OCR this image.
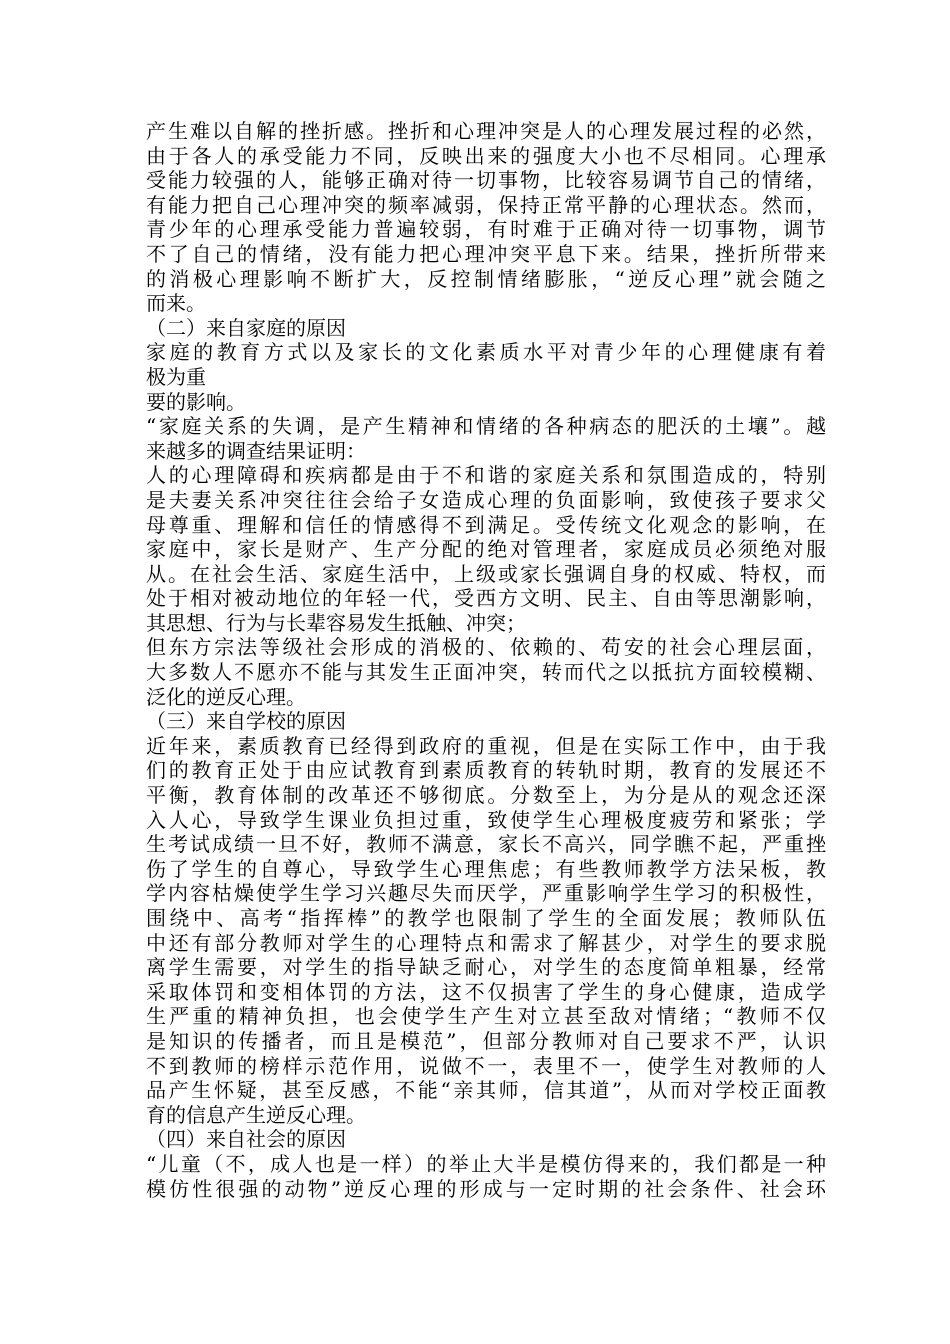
产生难以自解的挫折感。挫折和心理冲突是人的心理发展过程的必然，
由于各人的承受能力不同，反映出来的强度大小也不尽相同。心理承
受能力较强的人，能够正确对待一切事物，比较容易调节自己的情绪，
有能力把自己心理冲突的频率减弱，保持正常平静的心理状态。然而，
青少年的心理承受能力普遍较弱，有时难于正确对待一切事物，调节
不了自己的情绪，没有能力把心理冲突平息下来。结果，挫折所带来
的消极心理影响不断扩大，反控制情绪膨胀，“逆反心理”就会随之
而来。
（二）来自家庭的原因
家庭的教育方式以及家长的文化素质水平对青少年的心理健康有着
极为重
要的影响。
“家庭关系的失调，是产生精神和情绪的各种病态的肥沃的土壤”。越
来越多的调查结果证明：
人的心理障碍和疾病都是由于不和谐的家庭关系和氛围造成的，特别
是夫妻关系冲突往往会给子女造成心理的负面影响，致使孩子要求父
母尊重、理解和信任的情感得不到满足。受传统文化观念的影响，在
家庭中，家长是财产、生产分配的绝对管理者，家庭成员必须绝对服
从。在社会生活、家庭生活中，上级或家长强调自身的权威、特权，而
处于相对被动地位的年轻一代，受西方文明、民主、自由等思潮影响，
其思想、行为与长辈容易发生抵触、冲突；
但东方宗法等级社会形成的消极的、依赖的、苟安的社会心理层面，
大多数人不愿亦不能与其发生正面冲突，转而代之以抵抗方面较模糊、
泛化的逆反心理。
（三）来自学校的原因
近年来，素质教育已经得到政府的重视，但是在实际工作中，由于我
们的教育正处于由应试教育到素质教育的转轨时期，教育的发展还不
平衡，教育体制的改革还不够彻底。分数至上，为分是从的观念还深
入人心，导致学生课业负担过重，致使学生心理极度疲劳和紧张；学
生考试成绩一旦不好，教师不满意，家长不高兴，同学瞧不起，严重挫
伤了学生的自尊心，导致学生心理焦虑；有些教师教学方法呆板，教
学内容枯燥使学生学习兴趣尽失而厌学，严重影响学生学习的积极性，
围绕中、高考“指挥棒”的教学也限制了学生的全面发展；教师队伍
中还有部分教师对学生的心理特点和需求了解甚少，对学生的要求脱
离学生需要，对学生的指导缺乏耐心，对学生的态度简单粗暴，经常
采取体罚和变相体罚的方法，这不仅损害了学生的身心健康，造成学
生严重的精神负担，也会使学生产生对立甚至敌对情绪；“教师不仅
是知识的传播者，而且是模范”，但部分教师对自己要求不严，认识
不到教师的榜样示范作用，说做不一，表里不一，使学生对教师的人
品产生怀疑，甚至反感，不能“亲其师，信其道”，从而对学校正面教
育的信息产生逆反心理。
（四）来自社会的原因
“儿童（不，成人也是一样）的举止大半是模仿得来的，我们都是一种
模仿性很强的动物”逆反心理的形成与一定时期的社会条件、社会环
